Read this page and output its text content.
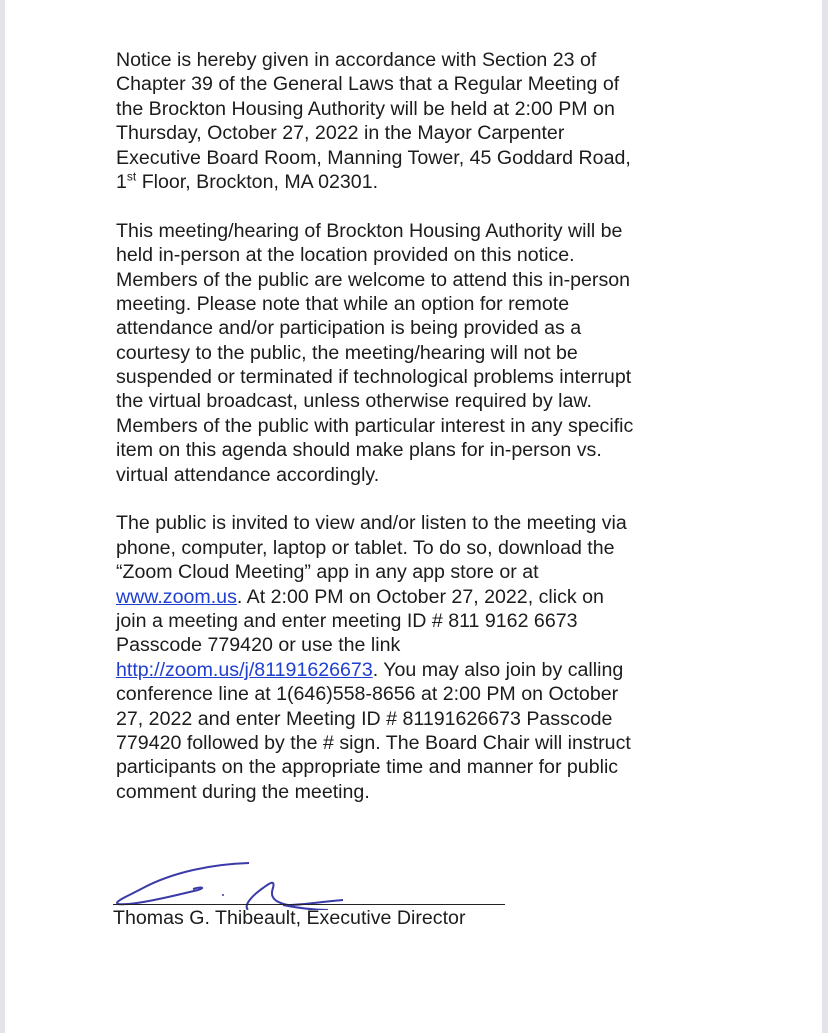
Notice is hereby given in accordance with Section 23 of
Chapter 39 of the General Laws that a Regular Meeting of
the Brockton Housing Authority will be held at 2:00 PM on
Thursday, October 27, 2022 in the Mayor Carpenter
Executive Board Room, Manning Tower, 45 Goddard Road,
1st Floor, Brockton, MA 02301.
This meeting/hearing of Brockton Housing Authority will be
held in-person at the location provided on this notice.
Members of the public are welcome to attend this in-person
meeting. Please note that while an option for remote
attendance and/or participation is being provided as a
courtesy to the public, the meeting/hearing will not be
suspended or terminated if technological problems interrupt
the virtual broadcast, unless otherwise required by law.
Members of the public with particular interest in any specific
item on this agenda should make plans for in-person vs.
virtual attendance accordingly.
The public is invited to view and/or listen to the meeting via
phone, computer, laptop or tablet. To do so, download the
“Zoom Cloud Meeting” app in any app store or at
www.zoom.us. At 2:00 PM on October 27, 2022, click on
join a meeting and enter meeting ID # 811 9162 6673
Passcode 779420 or use the link
http://zoom.us/j/81191626673. You may also join by calling
conference line at 1(646)558-8656 at 2:00 PM on October
27, 2022 and enter Meeting ID # 81191626673 Passcode
779420 followed by the # sign. The Board Chair will instruct
participants on the appropriate time and manner for public
comment during the meeting.
Thomas G. Thibeault, Executive Director
